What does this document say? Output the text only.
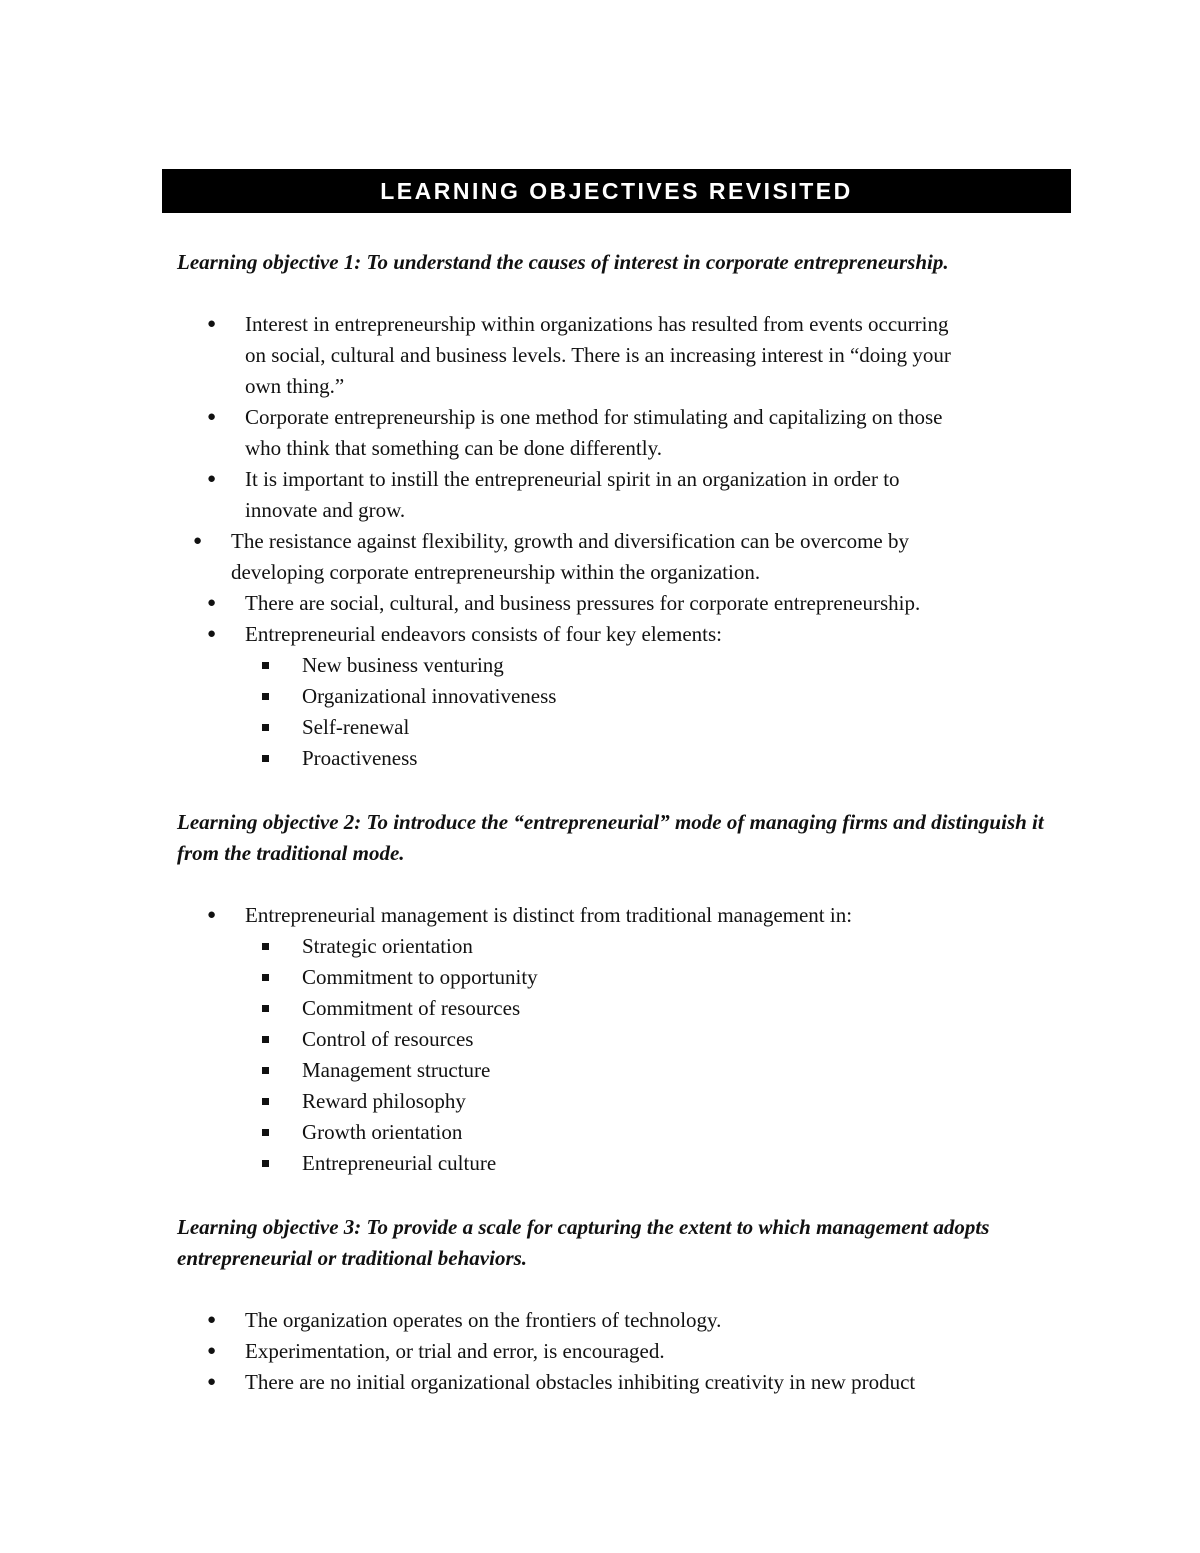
LEARNING OBJECTIVES REVISITED

Learning objective 1: To understand the causes of interest in corporate entrepreneurship.

● Interest in entrepreneurship within organizations has resulted from events occurring

on social, cultural and business levels. There is an increasing interest in “doing your

own thing.”

● Corporate entrepreneurship is one method for stimulating and capitalizing on those

who think that something can be done differently.

● It is important to instill the entrepreneurial spirit in an organization in order to

innovate and grow.

● The resistance against flexibility, growth and diversification can be overcome by

developing corporate entrepreneurship within the organization.

● There are social, cultural, and business pressures for corporate entrepreneurship.

● Entrepreneurial endeavors consists of four key elements:

New business venturing

Organizational innovativeness

Self-renewal

Proactiveness

Learning objective 2: To introduce the “entrepreneurial” mode of managing firms and distinguish it from the traditional mode.

● Entrepreneurial management is distinct from traditional management in:

Strategic orientation

Commitment to opportunity

Commitment of resources

Control of resources

Management structure

Reward philosophy

Growth orientation

Entrepreneurial culture

Learning objective 3: To provide a scale for capturing the extent to which management adopts entrepreneurial or traditional behaviors.

● The organization operates on the frontiers of technology.

● Experimentation, or trial and error, is encouraged.

● There are no initial organizational obstacles inhibiting creativity in new product
